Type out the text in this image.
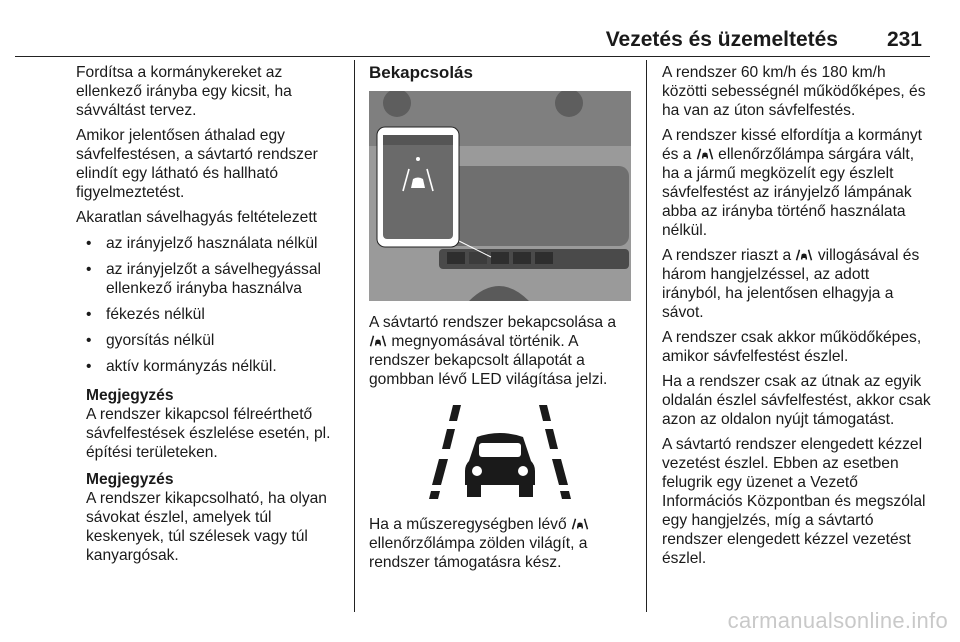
Vezetés és üzemeltetés 231

Fordítsa a kormánykereket az ellenkező irányba egy kicsit, ha sávváltást tervez.

Amikor jelentősen áthalad egy sávfelfestésen, a sávtartó rendszer elindít egy látható és hallható figyelmeztetést.

Akaratlan sávelhagyás feltételezett

• az irányjelző használata nélkül
• az irányjelzőt a sávelhegyással ellenkező irányba használva
• fékezés nélkül
• gyorsítás nélkül
• aktív kormányzás nélkül.
Megjegyzés
A rendszer kikapcsol félreérthető sávfelfestések észlelése esetén, pl. építési területeken.
Megjegyzés
A rendszer kikapcsolható, ha olyan sávokat észlel, amelyek túl keskenyek, túl szélesek vagy túl kanyargósak.
Bekapcsolás

A sávtartó rendszer bekapcsolása a  megnyomásával történik. A rendszer bekapcsolt állapotát a gombban lévő LED világítása jelzi.

Ha a műszeregységben lévő  ellenőrzőlámpa zölden világít, a rendszer támogatásra kész.

A rendszer 60 km/h és 180 km/h közötti sebességnél működőképes, és ha van az úton sávfelfestés.

A rendszer kissé elfordítja a kormányt és a ellenőrzőlámpa sárgára vált, ha a jármű megközelít egy észlelt sávfelfestést az irányjelző lámpának abba az irányba történő használata nélkül.

A rendszer riaszt a villogásával és három hangjelzéssel, az adott irányból, ha jelentősen elhagyja a sávot.

A rendszer csak akkor működőképes, amikor sávfelfestést észlel.

Ha a rendszer csak az útnak az egyik oldalán észlel sávfelfestést, akkor csak azon az oldalon nyújt támogatást.

A sávtartó rendszer elengedett kézzel vezetést észlel. Ebben az esetben felugrik egy üzenet a Vezető Információs Központban és megszólal egy hangjelzés, míg a sávtartó rendszer elengedett kézzel vezetést észlel.

carmanualsonline.info
